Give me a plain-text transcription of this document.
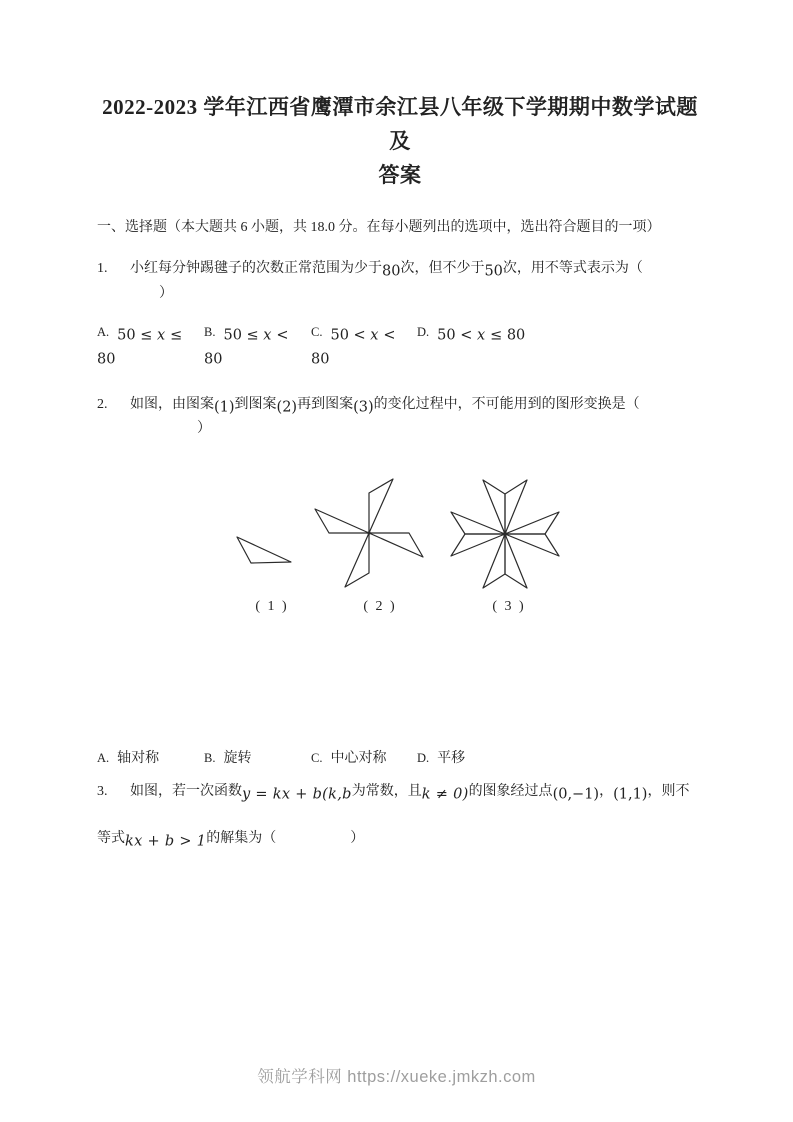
2022-2023 学年江西省鹰潭市余江县八年级下学期期中数学试题及
答案

一、选择题（本大题共 6 小题，共 18.0 分。在每小题列出的选项中，选出符合题目的一项）

1. 小红每分钟踢毽子的次数正常范围为少于80次，但不少于50次，用不等式表示为（）

A. 50 ≤ x ≤ 80
B. 50 ≤ x < 80
C. 50 < x < 80
D. 50 < x ≤ 80

2. 如图，由图案(1)到图案(2)再到图案(3)的变化过程中，不可能用到的图形变换是（）

( 1 )	( 2 )	( 3 )
A. 轴对称	B. 旋转	C. 中心对称	D. 平移

3. 如图，若一次函数y = kx + b(k,b为常数，且k ≠ 0)的图象经过点(0,−1)，(1,1)，则不等式kx + b > 1的解集为（	）

领航学科网 https://xueke.jmkzh.com
